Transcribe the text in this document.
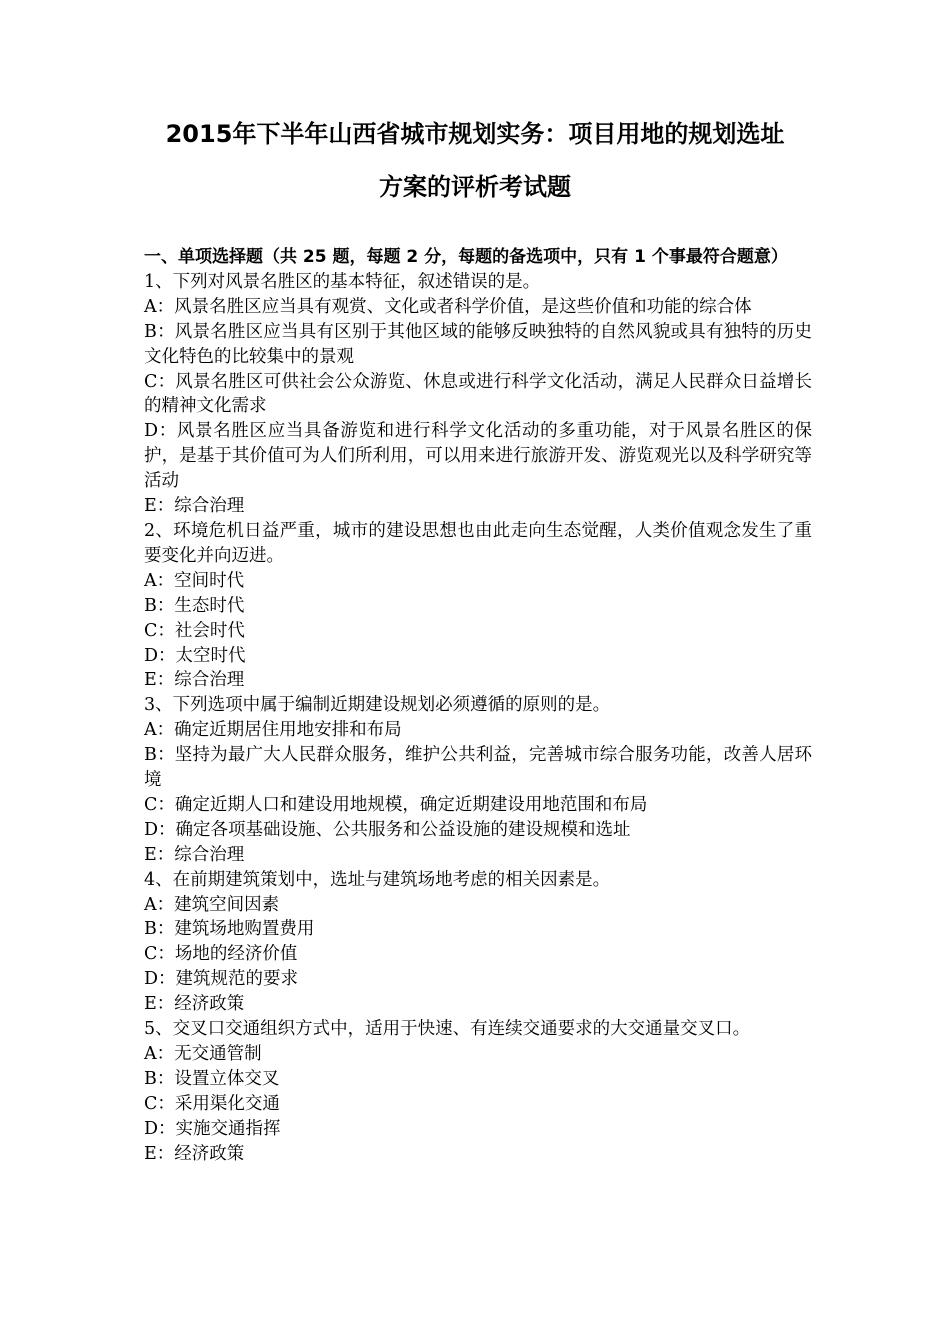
2015年下半年山西省城市规划实务：项目用地的规划选址
方案的评析考试题

一、单项选择题（共 25 题，每题 2 分，每题的备选项中，只有 1 个事最符合题意）

1、下列对风景名胜区的基本特征，叙述错误的是。

A：风景名胜区应当具有观赏、文化或者科学价值，是这些价值和功能的综合体

B：风景名胜区应当具有区别于其他区域的能够反映独特的自然风貌或具有独特的历史文化特色的比较集中的景观

C：风景名胜区可供社会公众游览、休息或进行科学文化活动，满足人民群众日益增长的精神文化需求

D：风景名胜区应当具备游览和进行科学文化活动的多重功能，对于风景名胜区的保护，是基于其价值可为人们所利用，可以用来进行旅游开发、游览观光以及科学研究等活动

E：综合治理

2、环境危机日益严重，城市的建设思想也由此走向生态觉醒，人类价值观念发生了重要变化并向迈进。

A：空间时代

B：生态时代

C：社会时代

D：太空时代

E：综合治理

3、下列选项中属于编制近期建设规划必须遵循的原则的是。

A：确定近期居住用地安排和布局

B：坚持为最广大人民群众服务，维护公共利益，完善城市综合服务功能，改善人居环境

C：确定近期人口和建设用地规模，确定近期建设用地范围和布局

D：确定各项基础设施、公共服务和公益设施的建设规模和选址

E：综合治理

4、在前期建筑策划中，选址与建筑场地考虑的相关因素是。

A：建筑空间因素

B：建筑场地购置费用

C：场地的经济价值

D：建筑规范的要求

E：经济政策

5、交叉口交通组织方式中，适用于快速、有连续交通要求的大交通量交叉口。

A：无交通管制

B：设置立体交叉

C：采用渠化交通

D：实施交通指挥

E：经济政策
